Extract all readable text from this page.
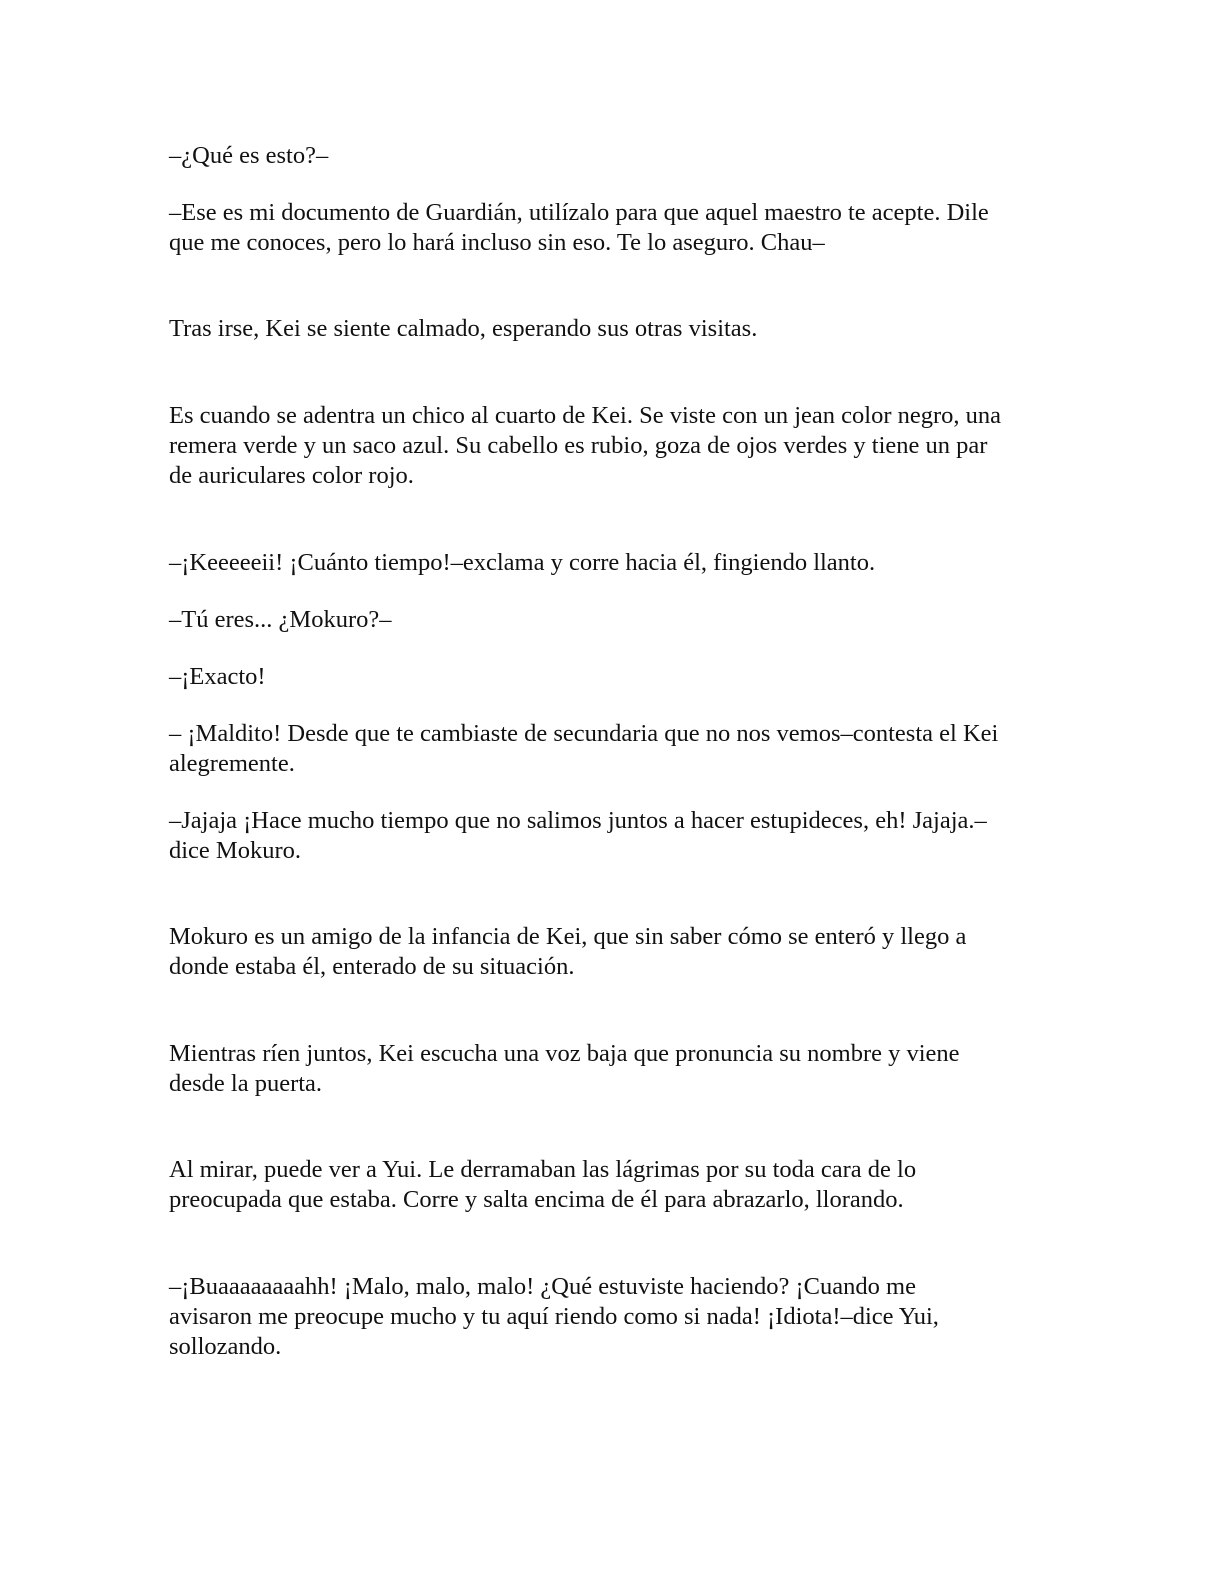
–¿Qué es esto?–

–Ese es mi documento de Guardián, utilízalo para que aquel maestro te acepte. Dile
que me conoces, pero lo hará incluso sin eso. Te lo aseguro. Chau–

Tras irse, Kei se siente calmado, esperando sus otras visitas.

Es cuando se adentra un chico al cuarto de Kei. Se viste con un jean color negro, una
remera verde y un saco azul. Su cabello es rubio, goza de ojos verdes y tiene un par
de auriculares color rojo.

–¡Keeeeeii! ¡Cuánto tiempo!–exclama y corre hacia él, fingiendo llanto.

–Tú eres... ¿Mokuro?–

–¡Exacto!

– ¡Maldito! Desde que te cambiaste de secundaria que no nos vemos–contesta el Kei
alegremente.

–Jajaja ¡Hace mucho tiempo que no salimos juntos a hacer estupideces, eh! Jajaja.–
dice Mokuro.

Mokuro es un amigo de la infancia de Kei, que sin saber cómo se enteró y llego a
donde estaba él, enterado de su situación.

Mientras ríen juntos, Kei escucha una voz baja que pronuncia su nombre y viene
desde la puerta.

Al mirar, puede ver a Yui. Le derramaban las lágrimas por su toda cara de lo
preocupada que estaba. Corre y salta encima de él para abrazarlo, llorando.

–¡Buaaaaaaaahh! ¡Malo, malo, malo! ¿Qué estuviste haciendo? ¡Cuando me
avisaron me preocupe mucho y tu aquí riendo como si nada! ¡Idiota!–dice Yui,
sollozando.
